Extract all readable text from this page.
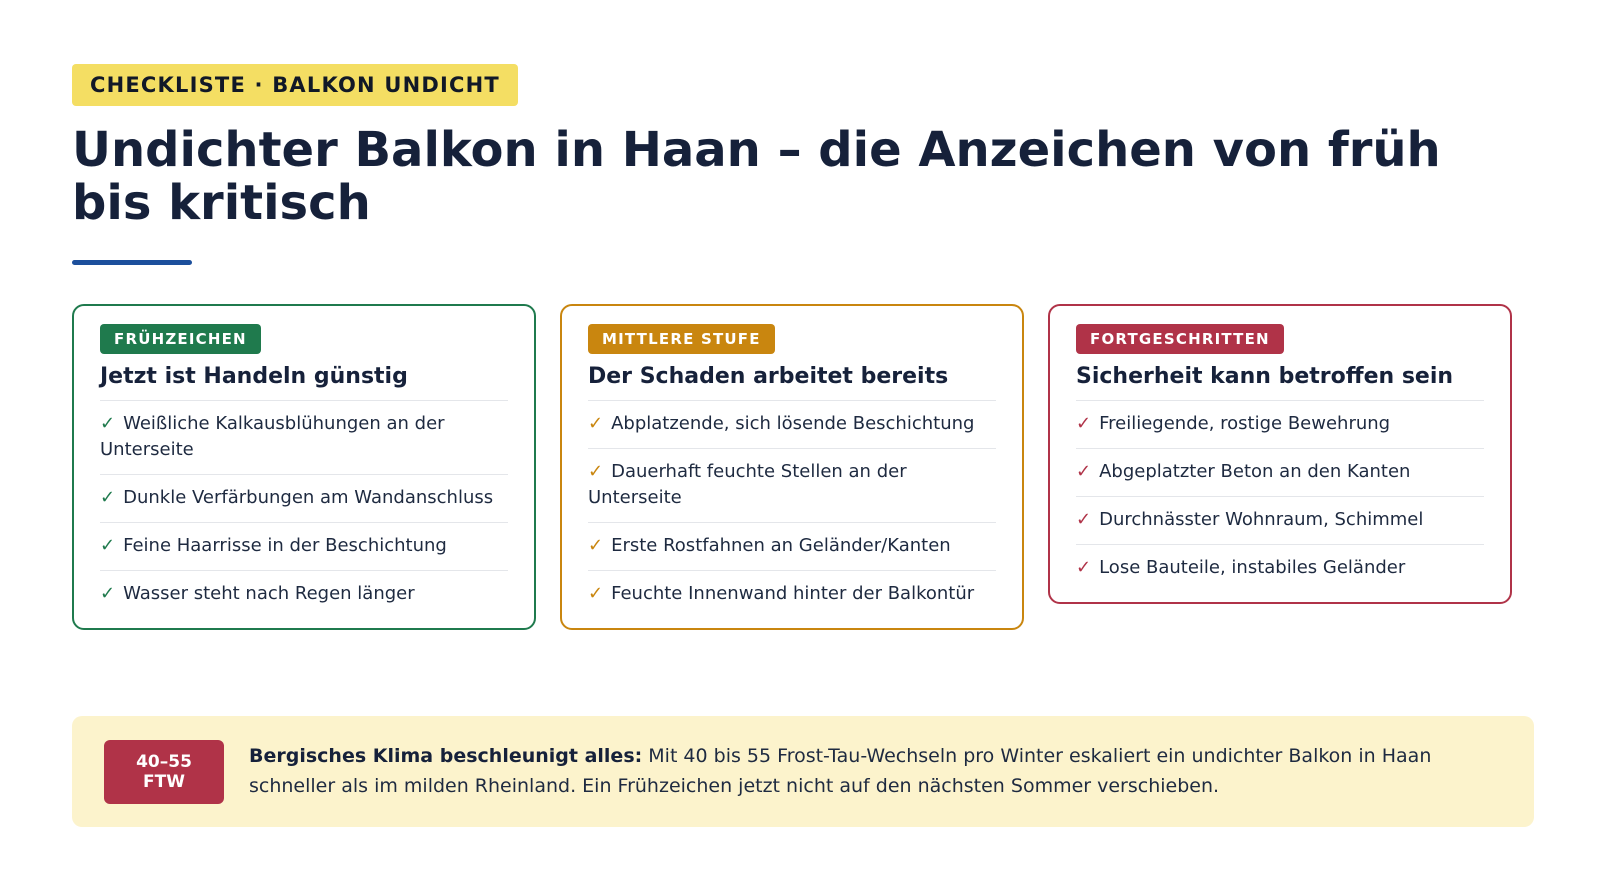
CHECKLISTE · BALKON UNDICHT
Undichter Balkon in Haan – die Anzeichen von früh bis kritisch
FRÜHZEICHEN
Jetzt ist Handeln günstig
✓ Weißliche Kalkausblühungen an der Unterseite
✓ Dunkle Verfärbungen am Wandanschluss
✓ Feine Haarrisse in der Beschichtung
✓ Wasser steht nach Regen länger
MITTLERE STUFE
Der Schaden arbeitet bereits
✓ Abplatzende, sich lösende Beschichtung
✓ Dauerhaft feuchte Stellen an der Unterseite
✓ Erste Rostfahnen an Geländer/Kanten
✓ Feuchte Innenwand hinter der Balkontür
FORTGESCHRITTEN
Sicherheit kann betroffen sein
✓ Freiliegende, rostige Bewehrung
✓ Abgeplatzter Beton an den Kanten
✓ Durchnässter Wohnraum, Schimmel
✓ Lose Bauteile, instabiles Geländer
40–55
FTW
Bergisches Klima beschleunigt alles: Mit 40 bis 55 Frost-Tau-Wechseln pro Winter eskaliert ein undichter Balkon in Haan schneller als im milden Rheinland. Ein Frühzeichen jetzt nicht auf den nächsten Sommer verschieben.
